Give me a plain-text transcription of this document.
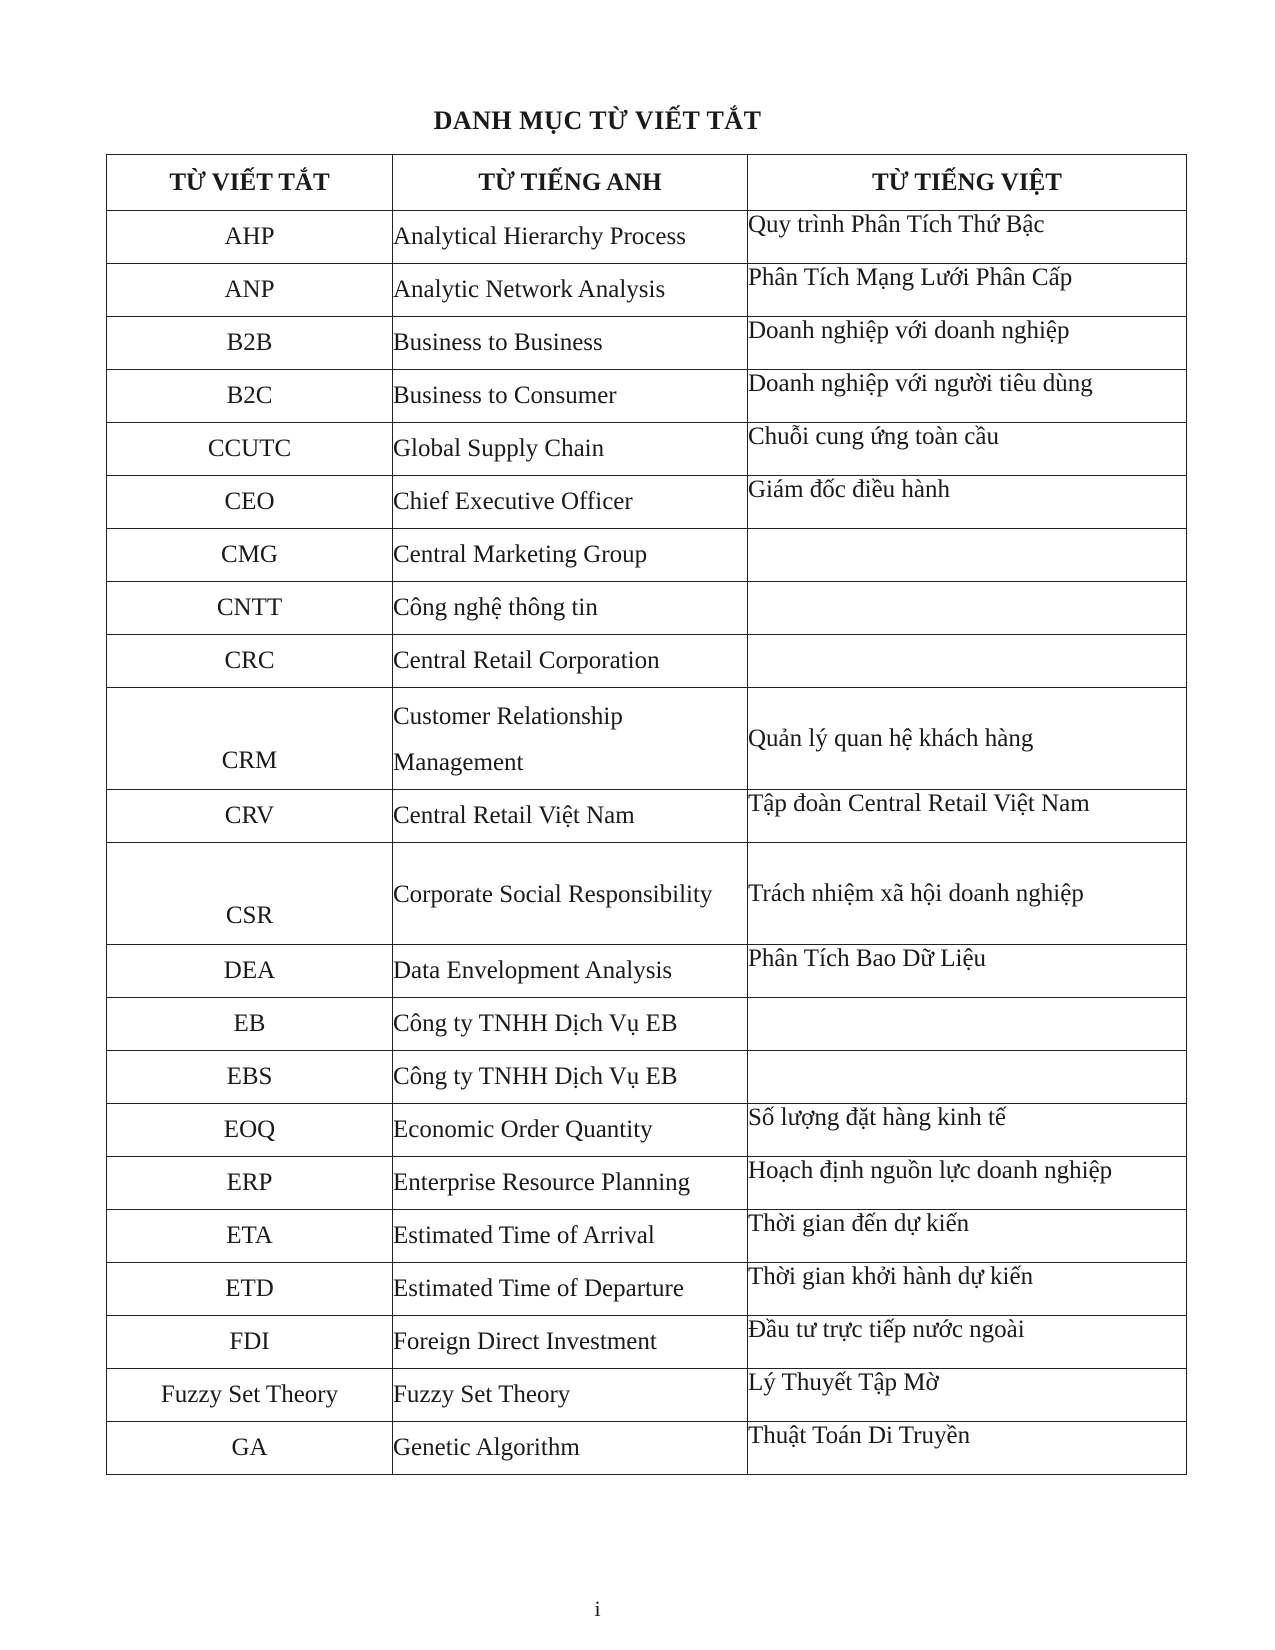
DANH MỤC TỪ VIẾT TẮT
TỪ VIẾT TẮT	TỪ TIẾNG ANH	TỪ TIẾNG VIỆT
AHP	Analytical Hierarchy Process	Quy trình Phân Tích Thứ Bậc
ANP	Analytic Network Analysis	Phân Tích Mạng Lưới Phân Cấp
B2B	Business to Business	Doanh nghiệp với doanh nghiệp
B2C	Business to Consumer	Doanh nghiệp với người tiêu dùng
CCUTC	Global Supply Chain	Chuỗi cung ứng toàn cầu
CEO	Chief Executive Officer	Giám đốc điều hành
CMG	Central Marketing Group	
CNTT	Công nghệ thông tin	
CRC	Central Retail Corporation	
CRM	Customer Relationship Management	Quản lý quan hệ khách hàng
CRV	Central Retail Việt Nam	Tập đoàn Central Retail Việt Nam
CSR	Corporate Social Responsibility	Trách nhiệm xã hội doanh nghiệp
DEA	Data Envelopment Analysis	Phân Tích Bao Dữ Liệu
EB	Công ty TNHH Dịch Vụ EB	
EBS	Công ty TNHH Dịch Vụ EB	
EOQ	Economic Order Quantity	Số lượng đặt hàng kinh tế
ERP	Enterprise Resource Planning	Hoạch định nguồn lực doanh nghiệp
ETA	Estimated Time of Arrival	Thời gian đến dự kiến
ETD	Estimated Time of Departure	Thời gian khởi hành dự kiến
FDI	Foreign Direct Investment	Đầu tư trực tiếp nước ngoài
Fuzzy Set Theory	Fuzzy Set Theory	Lý Thuyết Tập Mờ
GA	Genetic Algorithm	Thuật Toán Di Truyền

i
